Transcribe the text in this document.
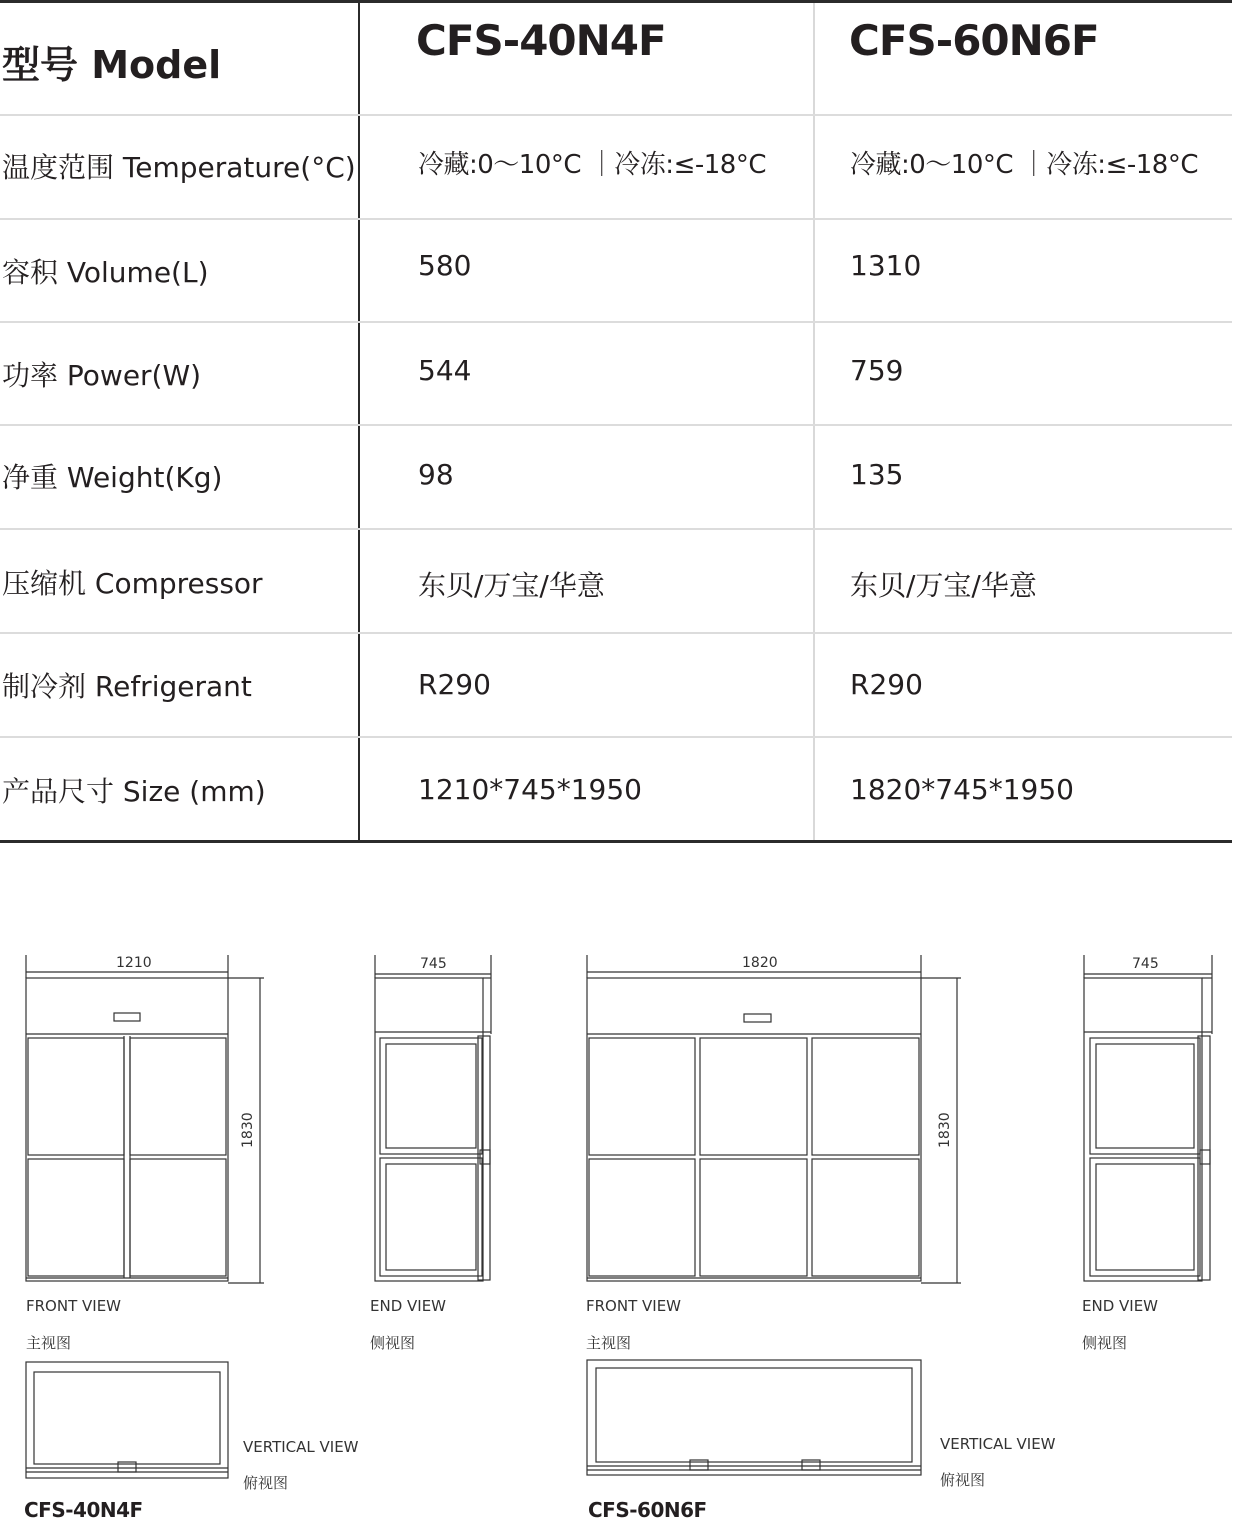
型号 Model	CFS-40N4F	CFS-60N6F
温度范围 Temperature(°C) 冷藏:0～10°C ｜冷冻:≤-18°C	冷藏:0～10°C ｜冷冻:≤-18°C
容积 Volume(L)	580	1310
功率 Power(W)	544	759
净重 Weight(Kg)	98	135
压缩机 Compressor	东贝/万宝/华意	东贝/万宝/华意
制冷剂 Refrigerant	R290	R290
产品尺寸 Size (mm)	1210*745*1950	1820*745*1950
1210
1830
745	1820
1830
745
FRONT VIEW
主视图
END VIEW
侧视图
VERTICAL VIEW
俯视图
CFS-40N4F
FRONT VIEW
主视图
END VIEW
侧视图
VERTICAL VIEW
俯视图
CFS-60N6F
